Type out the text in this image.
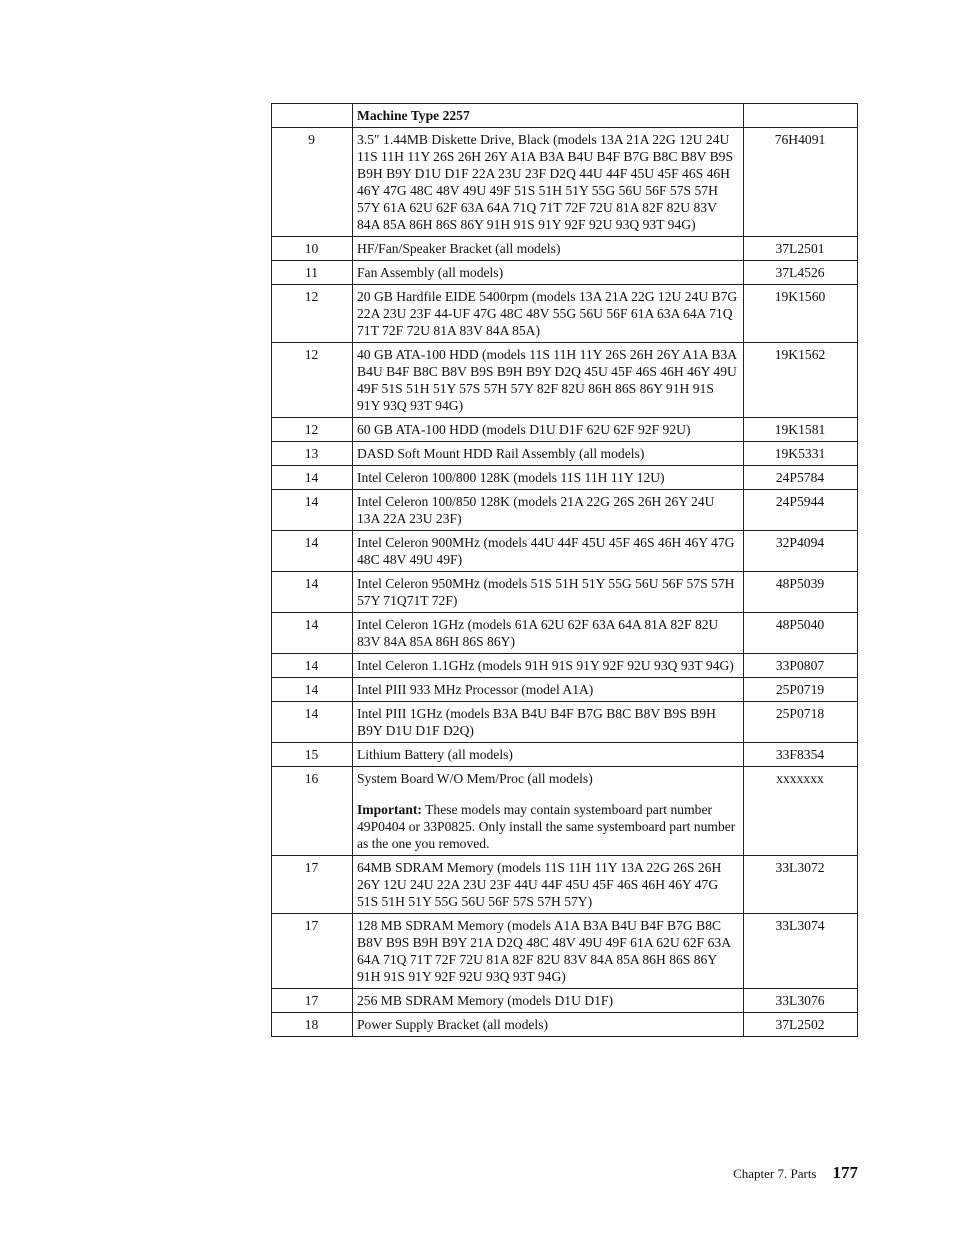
	Machine Type 2257	
9	3.5″ 1.44MB Diskette Drive, Black (models 13A 21A 22G 12U 24U 11S 11H 11Y 26S 26H 26Y A1A B3A B4U B4F B7G B8C B8V B9S B9H B9Y D1U D1F 22A 23U 23F D2Q 44U 44F 45U 45F 46S 46H 46Y 47G 48C 48V 49U 49F 51S 51H 51Y 55G 56U 56F 57S 57H 57Y 61A 62U 62F 63A 64A 71Q 71T 72F 72U 81A 82F 82U 83V 84A 85A 86H 86S 86Y 91H 91S 91Y 92F 92U 93Q 93T 94G)	76H4091
10	HF/Fan/Speaker Bracket (all models)	37L2501
11	Fan Assembly (all models)	37L4526
12	20 GB Hardfile EIDE 5400rpm (models 13A 21A 22G 12U 24U B7G 22A 23U 23F 44-UF 47G 48C 48V 55G 56U 56F 61A 63A 64A 71Q 71T 72F 72U 81A 83V 84A 85A)	19K1560
12	40 GB ATA-100 HDD (models 11S 11H 11Y 26S 26H 26Y A1A B3A B4U B4F B8C B8V B9S B9H B9Y D2Q 45U 45F 46S 46H 46Y 49U 49F 51S 51H 51Y 57S 57H 57Y 82F 82U 86H 86S 86Y 91H 91S 91Y 93Q 93T 94G)	19K1562
12	60 GB ATA-100 HDD (models D1U D1F 62U 62F 92F 92U)	19K1581
13	DASD Soft Mount HDD Rail Assembly (all models)	19K5331
14	Intel Celeron 100/800 128K (models 11S 11H 11Y 12U)	24P5784
14	Intel Celeron 100/850 128K (models 21A 22G 26S 26H 26Y 24U 13A 22A 23U 23F)	24P5944
14	Intel Celeron 900MHz (models 44U 44F 45U 45F 46S 46H 46Y 47G 48C 48V 49U 49F)	32P4094
14	Intel Celeron 950MHz (models 51S 51H 51Y 55G 56U 56F 57S 57H 57Y 71Q71T 72F)	48P5039
14	Intel Celeron 1GHz (models 61A 62U 62F 63A 64A 81A 82F 82U 83V 84A 85A 86H 86S 86Y)	48P5040
14	Intel Celeron 1.1GHz (models 91H 91S 91Y 92F 92U 93Q 93T 94G)	33P0807
14	Intel PIII 933 MHz Processor (model A1A)	25P0719
14	Intel PIII 1GHz (models B3A B4U B4F B7G B8C B8V B9S B9H B9Y D1U D1F D2Q)	25P0718
15	Lithium Battery (all models)	33F8354
16	System Board W/O Mem/Proc (all models)
Important: These models may contain systemboard part number 49P0404 or 33P0825. Only install the same systemboard part number as the one you removed.	xxxxxxx
17	64MB SDRAM Memory (models 11S 11H 11Y 13A 22G 26S 26H 26Y 12U 24U 22A 23U 23F 44U 44F 45U 45F 46S 46H 46Y 47G 51S 51H 51Y 55G 56U 56F 57S 57H 57Y)	33L3072
17	128 MB SDRAM Memory (models A1A B3A B4U B4F B7G B8C B8V B9S B9H B9Y 21A D2Q 48C 48V 49U 49F 61A 62U 62F 63A 64A 71Q 71T 72F 72U 81A 82F 82U 83V 84A 85A 86H 86S 86Y 91H 91S 91Y 92F 92U 93Q 93T 94G)	33L3074
17	256 MB SDRAM Memory (models D1U D1F)	33L3076
18	Power Supply Bracket (all models)	37L2502
Chapter 7. Parts 177
